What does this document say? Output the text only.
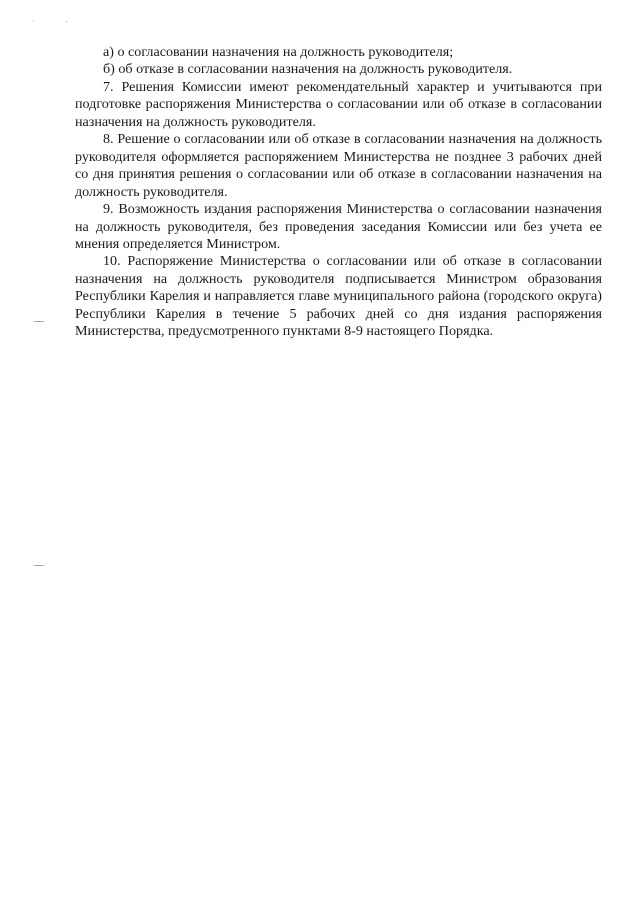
а) о согласовании назначения на должность руководителя;

б) об отказе в согласовании назначения на должность руководителя.

7. Решения Комиссии имеют рекомендательный характер и учитываются при подготовке распоряжения Министерства о согласовании или об отказе в согласовании назначения на должность руководителя.

8. Решение о согласовании или об отказе в согласовании назначения на должность руководителя оформляется распоряжением Министерства не позднее 3 рабочих дней со дня принятия решения о согласовании или об отказе в согласовании назначения на должность руководителя.

9. Возможность издания распоряжения Министерства о согласовании назначения на должность руководителя, без проведения заседания Комиссии или без учета ее мнения определяется Министром.

10. Распоряжение Министерства о согласовании или об отказе в согласовании назначения на должность руководителя подписывается Министром образования Республики Карелия и направляется главе муниципального района (городского округа) Республики Карелия в течение 5 рабочих дней со дня издания распоряжения Министерства, предусмотренного пунктами 8-9 настоящего Порядка.
